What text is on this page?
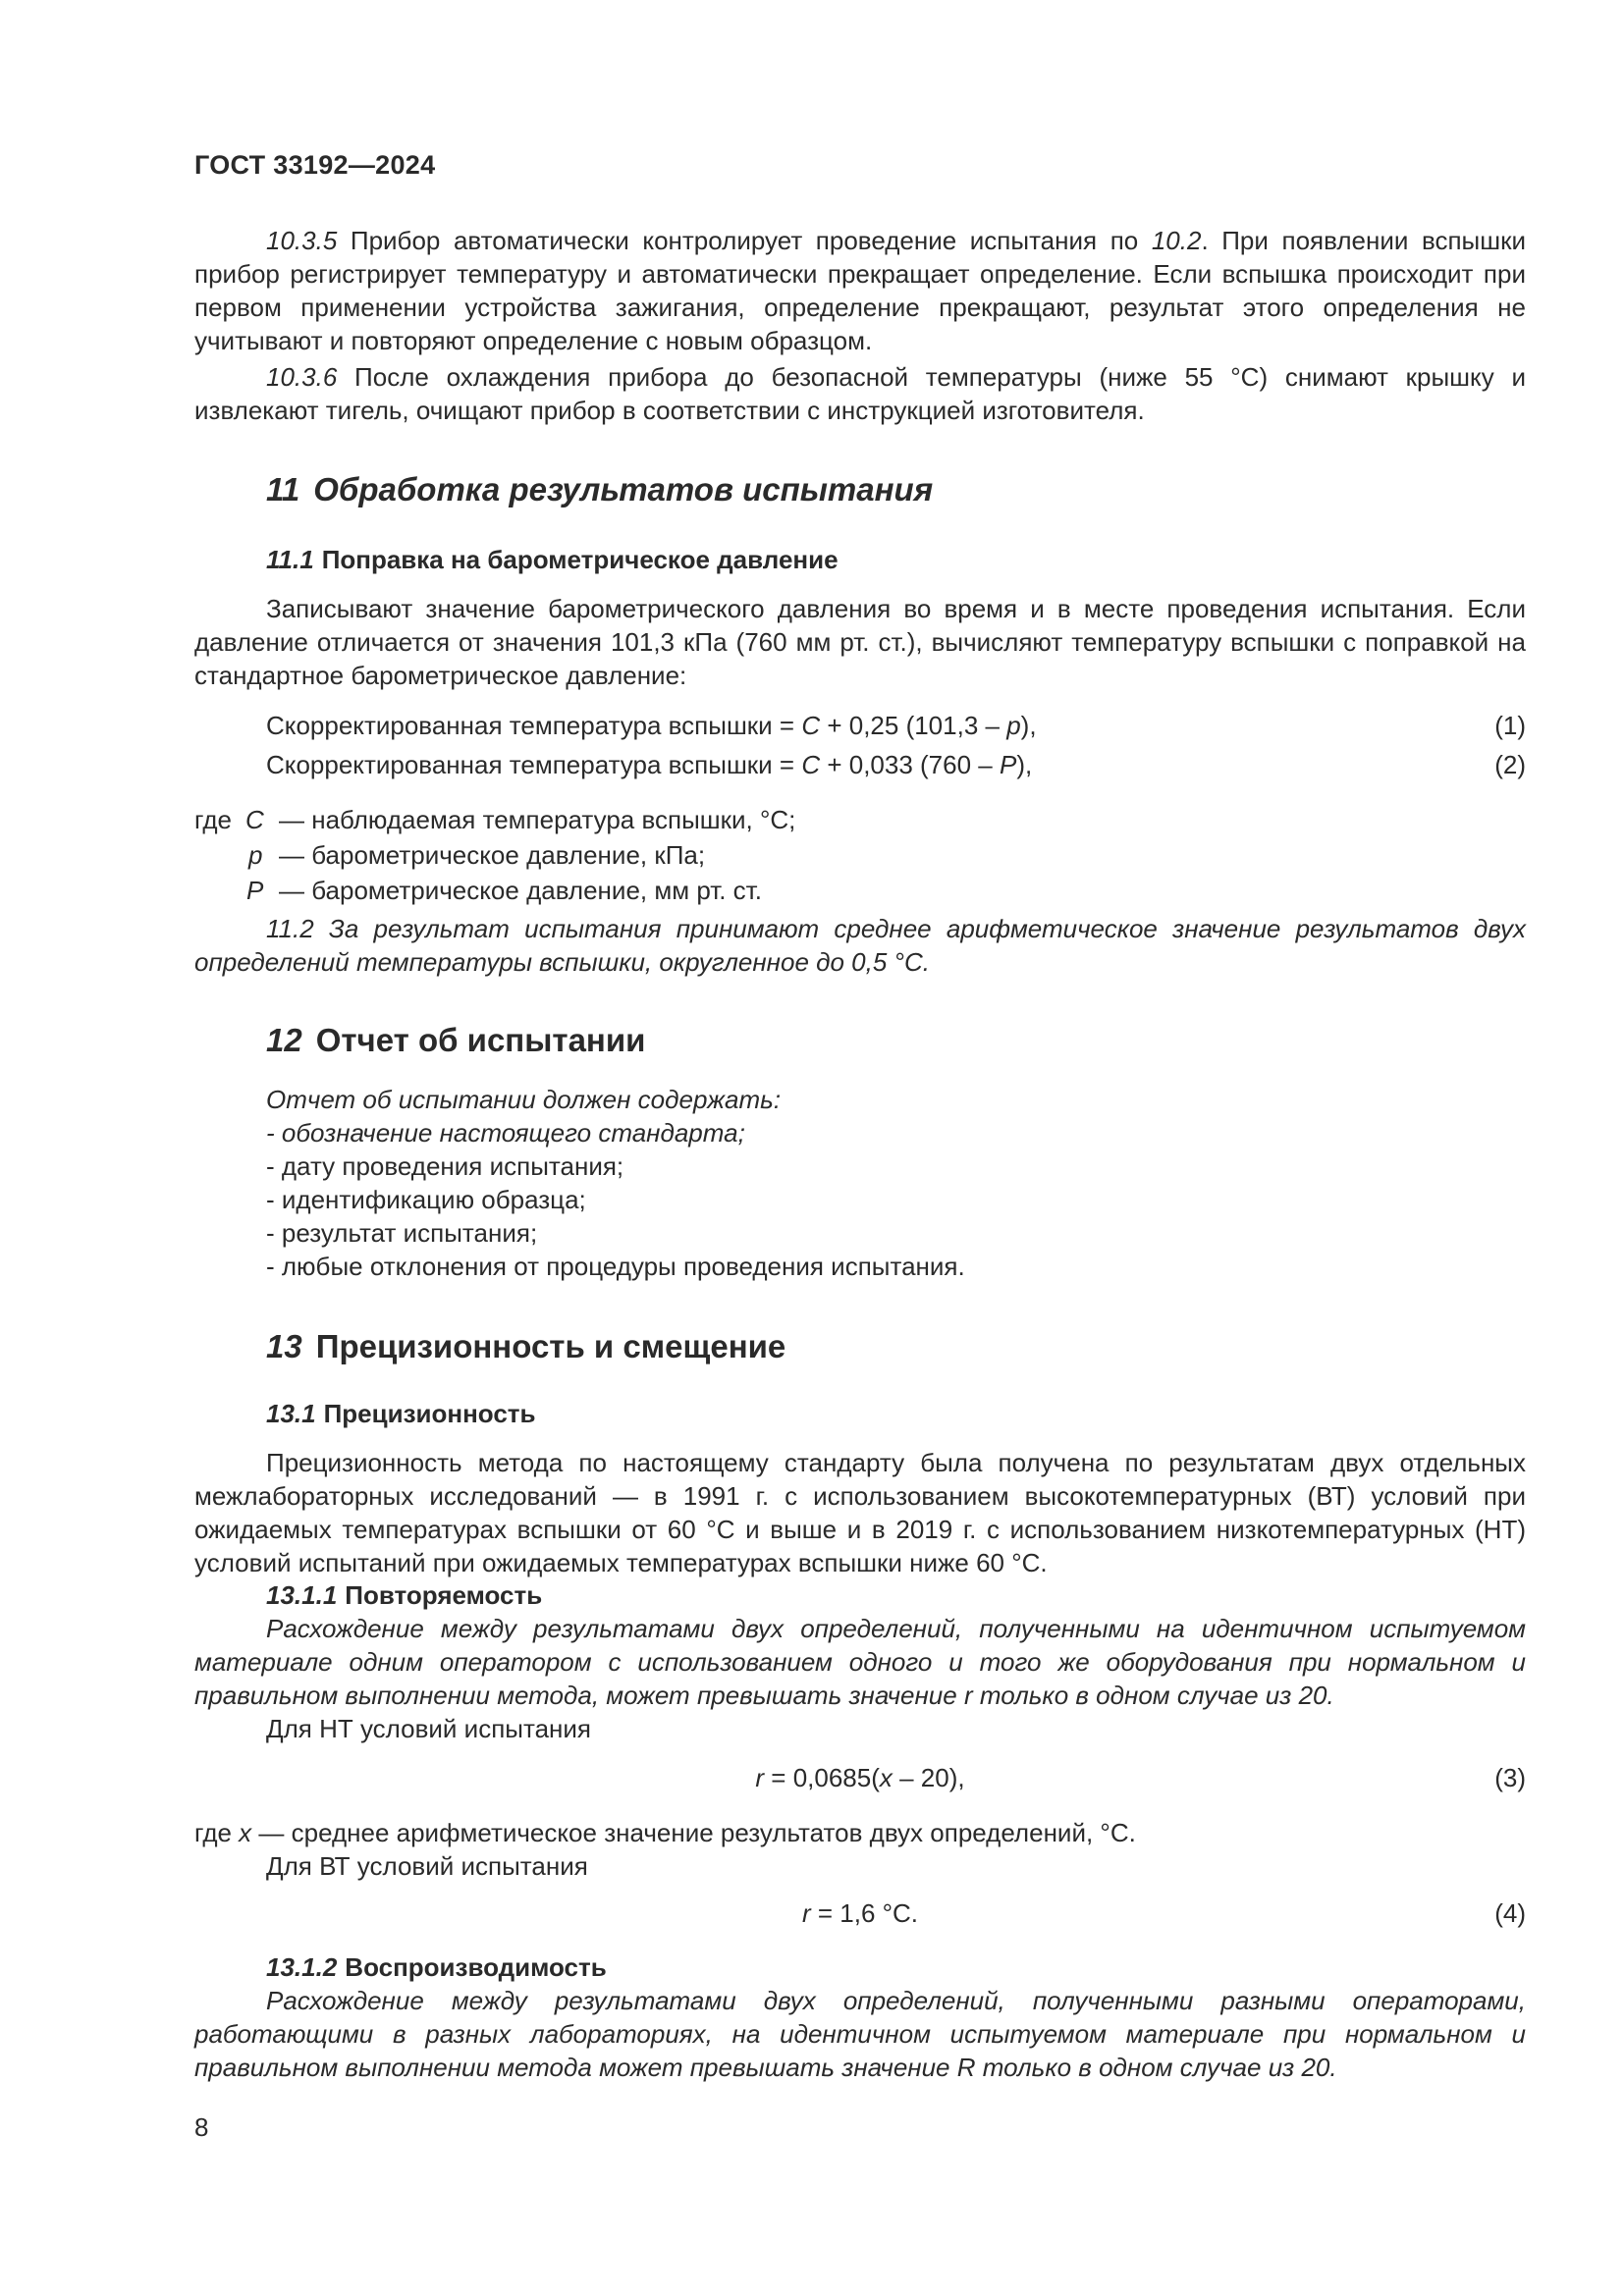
ГОСТ 33192—2024
10.3.5 Прибор автоматически контролирует проведение испытания по 10.2. При появлении вспышки прибор регистрирует температуру и автоматически прекращает определение. Если вспышка происходит при первом применении устройства зажигания, определение прекращают, результат этого определения не учитывают и повторяют определение с новым образцом.
10.3.6 После охлаждения прибора до безопасной температуры (ниже 55 °С) снимают крышку и извлекают тигель, очищают прибор в соответствии с инструкцией изготовителя.
11 Обработка результатов испытания
11.1 Поправка на барометрическое давление
Записывают значение барометрического давления во время и в месте проведения испытания. Если давление отличается от значения 101,3 кПа (760 мм рт. ст.), вычисляют температуру вспышки с поправкой на стандартное барометрическое давление:
Скорректированная температура вспышки = C + 0,25 (101,3 – p),	(1)
Скорректированная температура вспышки = C + 0,033 (760 – P),	(2)
где C — наблюдаемая температура вспышки, °С;
p — барометрическое давление, кПа;
P — барометрическое давление, мм рт. ст.
11.2 За результат испытания принимают среднее арифметическое значение результатов двух определений температуры вспышки, округленное до 0,5 °С.
12 Отчет об испытании
Отчет об испытании должен содержать:
- обозначение настоящего стандарта;
- дату проведения испытания;
- идентификацию образца;
- результат испытания;
- любые отклонения от процедуры проведения испытания.
13 Прецизионность и смещение
13.1 Прецизионность
Прецизионность метода по настоящему стандарту была получена по результатам двух отдельных межлабораторных исследований — в 1991 г. с использованием высокотемпературных (ВТ) условий при ожидаемых температурах вспышки от 60 °С и выше и в 2019 г. с использованием низкотемпературных (НТ) условий испытаний при ожидаемых температурах вспышки ниже 60 °С.
13.1.1 Повторяемость
Расхождение между результатами двух определений, полученными на идентичном испытуемом материале одним оператором с использованием одного и того же оборудования при нормальном и правильном выполнении метода, может превышать значение r только в одном случае из 20.
Для НТ условий испытания
r = 0,0685(x – 20),	(3)
где x — среднее арифметическое значение результатов двух определений, °С.
Для ВТ условий испытания
r = 1,6 °С.	(4)
13.1.2 Воспроизводимость
Расхождение между результатами двух определений, полученными разными операторами, работающими в разных лабораториях, на идентичном испытуемом материале при нормальном и правильном выполнении метода может превышать значение R только в одном случае из 20.
8
